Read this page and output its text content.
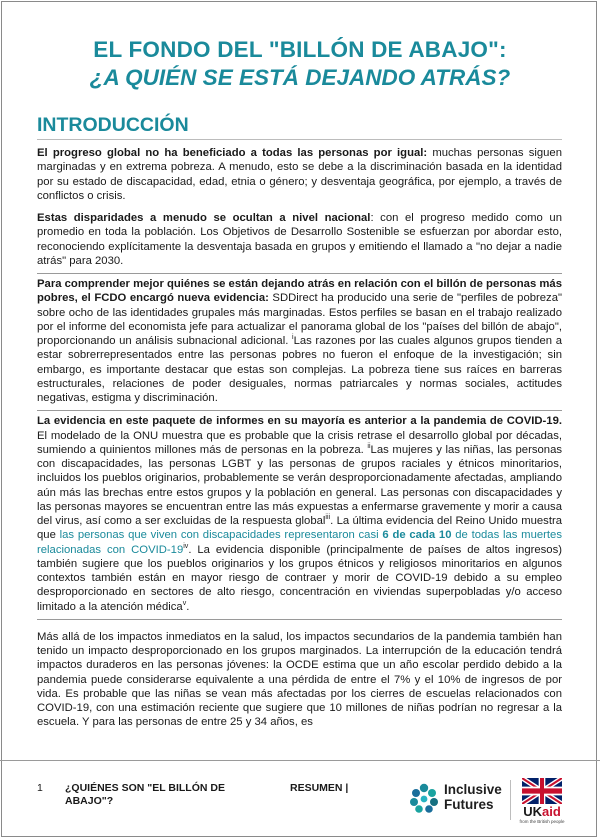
EL FONDO DEL "BILLÓN DE ABAJO":
¿A QUIÉN SE ESTÁ DEJANDO ATRÁS?
INTRODUCCIÓN

El progreso global no ha beneficiado a todas las personas por igual: muchas personas siguen marginadas y en extrema pobreza. A menudo, esto se debe a la discriminación basada en la identidad por su estado de discapacidad, edad, etnia o género; y desventaja geográfica, por ejemplo, a través de conflictos o crisis.

Estas disparidades a menudo se ocultan a nivel nacional: con el progreso medido como un promedio en toda la población. Los Objetivos de Desarrollo Sostenible se esfuerzan por abordar esto, reconociendo explícitamente la desventaja basada en grupos y emitiendo el llamado a "no dejar a nadie atrás" para 2030.

Para comprender mejor quiénes se están dejando atrás en relación con el billón de personas más pobres, el FCDO encargó nueva evidencia: SDDirect ha producido una serie de "perfiles de pobreza" sobre ocho de las identidades grupales más marginadas. Estos perfiles se basan en el trabajo realizado por el informe del economista jefe para actualizar el panorama global de los "países del billón de abajo", proporcionando un análisis subnacional adicional. $^i$Las razones por las cuales algunos grupos tienden a estar sobrerrepresentados entre las personas pobres no fueron el enfoque de la investigación; sin embargo, es importante destacar que estas son complejas. La pobreza tiene sus raíces en barreras estructurales, relaciones de poder desiguales, normas patriarcales y normas sociales, actitudes negativas, estigma y discriminación.

La evidencia en este paquete de informes en su mayoría es anterior a la pandemia de COVID-19. El modelado de la ONU muestra que es probable que la crisis retrase el desarrollo global por décadas, sumiendo a quinientos millones más de personas en la pobreza. $^{ii}$Las mujeres y las niñas, las personas con discapacidades, las personas LGBT y las personas de grupos raciales y étnicos minoritarios, incluidos los pueblos originarios, probablemente se verán desproporcionadamente afectadas, ampliando aún más las brechas entre estos grupos y la población en general. Las personas con discapacidades y las personas mayores se encuentran entre las más expuestas a enfermarse gravemente y morir a causa del virus, así como a ser excluidas de la respuesta global$^{iii}$. La última evidencia del Reino Unido muestra que las personas que viven con discapacidades representaron casi 6 de cada 10 de todas las muertes relacionadas con COVID-19$^{iv}$. La evidencia disponible (principalmente de países de altos ingresos) también sugiere que los pueblos originarios y los grupos étnicos y religiosos minoritarios en algunos contextos también están en mayor riesgo de contraer y morir de COVID-19 debido a su empleo desproporcionado en sectores de alto riesgo, concentración en viviendas superpobladas y/o acceso limitado a la atención médica$^v$.

Más allá de los impactos inmediatos en la salud, los impactos secundarios de la pandemia también han tenido un impacto desproporcionado en los grupos marginados. La interrupción de la educación tendrá impactos duraderos en las personas jóvenes: la OCDE estima que un año escolar perdido debido a la pandemia puede considerarse equivalente a una pérdida de entre el 7% y el 10% de ingresos de por vida. Es probable que las niñas se vean más afectadas por los cierres de escuelas relacionados con COVID-19, con una estimación reciente que sugiere que 10 millones de niñas podrían no regresar a la escuela. Y para las personas de entre 25 y 34 años, es

1 ¿QUIÉNES SON "EL BILLÓN DE ABAJO"?
RESUMEN |	Inclusive
Futures	UKaid
from the British people
